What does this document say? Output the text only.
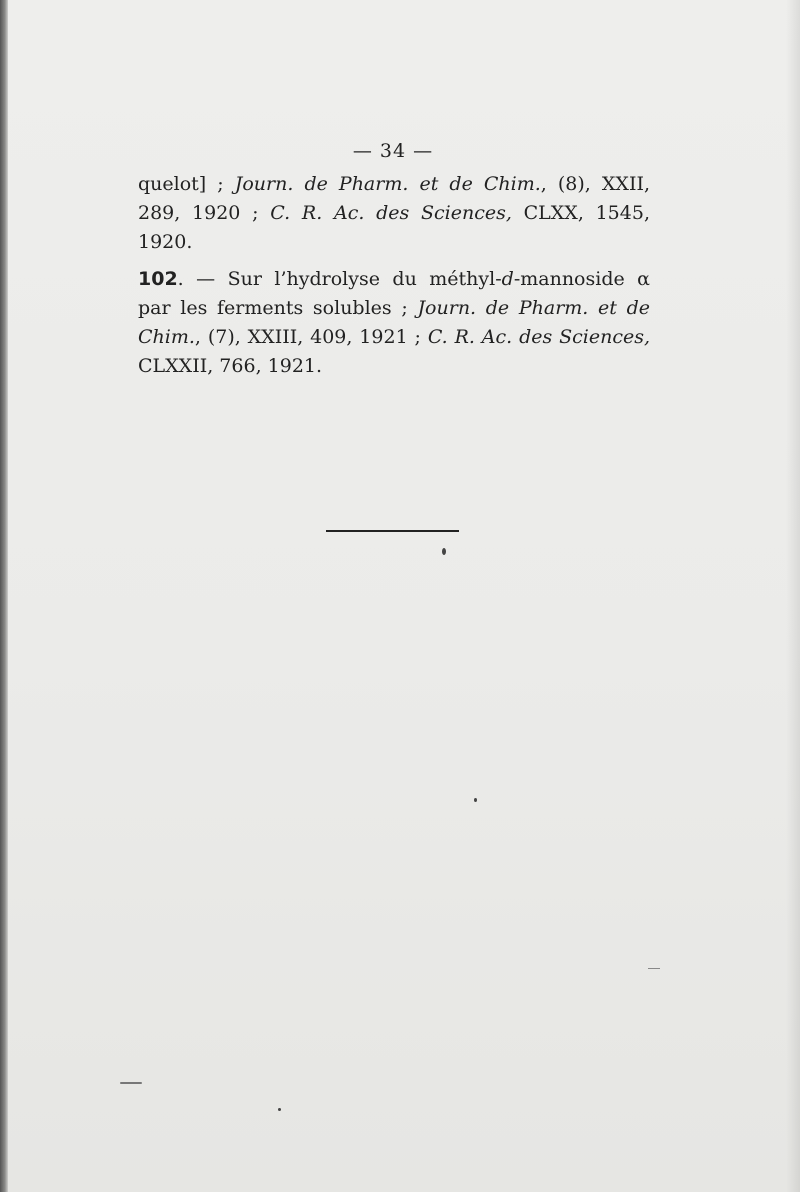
— 34 —

quelot] ; Journ. de Pharm. et de Chim., (8), XXII, 289, 1920 ; C. R. Ac. des Sciences, CLXX, 1545, 1920.

102. — Sur l’hydrolyse du méthyl-d-mannoside α par les ferments solubles ; Journ. de Pharm. et de Chim., (7), XXIII, 409, 1921 ; C. R. Ac. des Sciences, CLXXII, 766, 1921.
